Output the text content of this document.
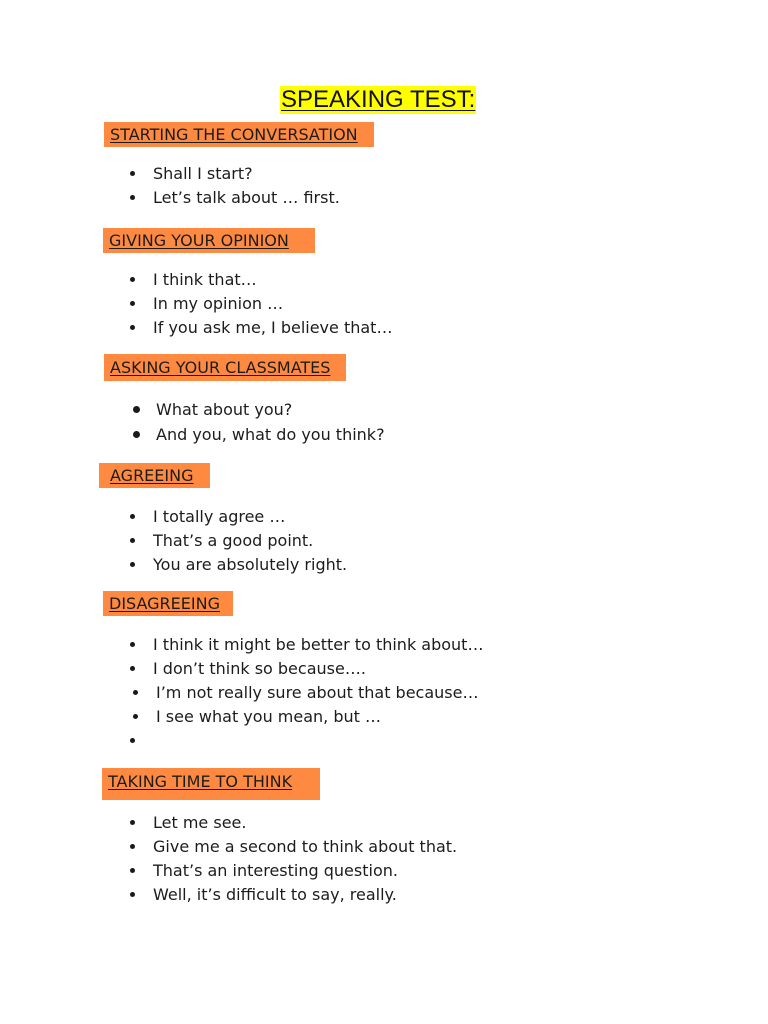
SPEAKING TEST:
STARTING THE CONVERSATION
Shall I start?
Let’s talk about … first.
GIVING YOUR OPINION
I think that…
In my opinion …
If you ask me, I believe that…
ASKING YOUR CLASSMATES
What about you?
And you, what do you think?
AGREEING
I totally agree …
That’s a good point.
You are absolutely right.
DISAGREEING
I think it might be better to think about…
I don’t think so because….
I’m not really sure about that because…
I see what you mean, but …
TAKING TIME TO THINK
Let me see.
Give me a second to think about that.
That’s an interesting question.
Well, it’s difficult to say, really.
